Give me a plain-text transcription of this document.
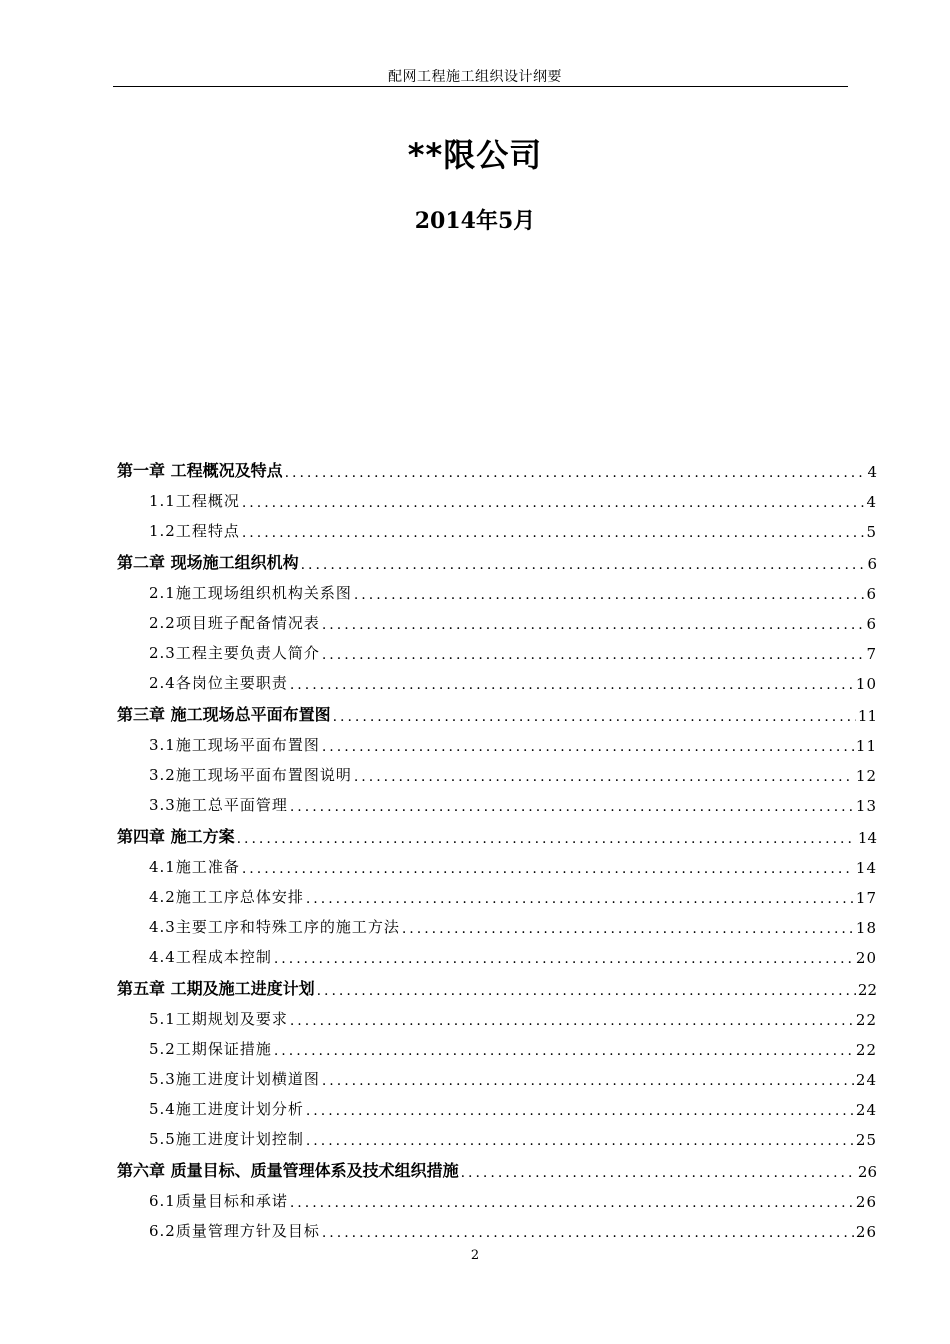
配网工程施工组织设计纲要
**限公司
2014年5月
第一章 工程概况及特点 .....	4
1.1工程概况 .....	4
1.2工程特点 .....	5
第二章 现场施工组织机构 .....	6
2.1施工现场组织机构关系图 .....	6
2.2项目班子配备情况表 .....	6
2.3工程主要负责人简介 .....	7
2.4各岗位主要职责 .....	10
第三章 施工现场总平面布置图 .....	11
3.1施工现场平面布置图 .....	11
3.2施工现场平面布置图说明 .....	12
3.3施工总平面管理 .....	13
第四章 施工方案 .....	14
4.1施工准备 .....	14
4.2施工工序总体安排 .....	17
4.3主要工序和特殊工序的施工方法 .....	18
4.4工程成本控制 .....	20
第五章 工期及施工进度计划 .....	22
5.1工期规划及要求 .....	22
5.2工期保证措施 .....	22
5.3施工进度计划横道图 .....	24
5.4施工进度计划分析 .....	24
5.5施工进度计划控制 .....	25
第六章 质量目标、质量管理体系及技术组织措施 .....	26
6.1质量目标和承诺 .....	26
6.2质量管理方针及目标 .....	26
2
